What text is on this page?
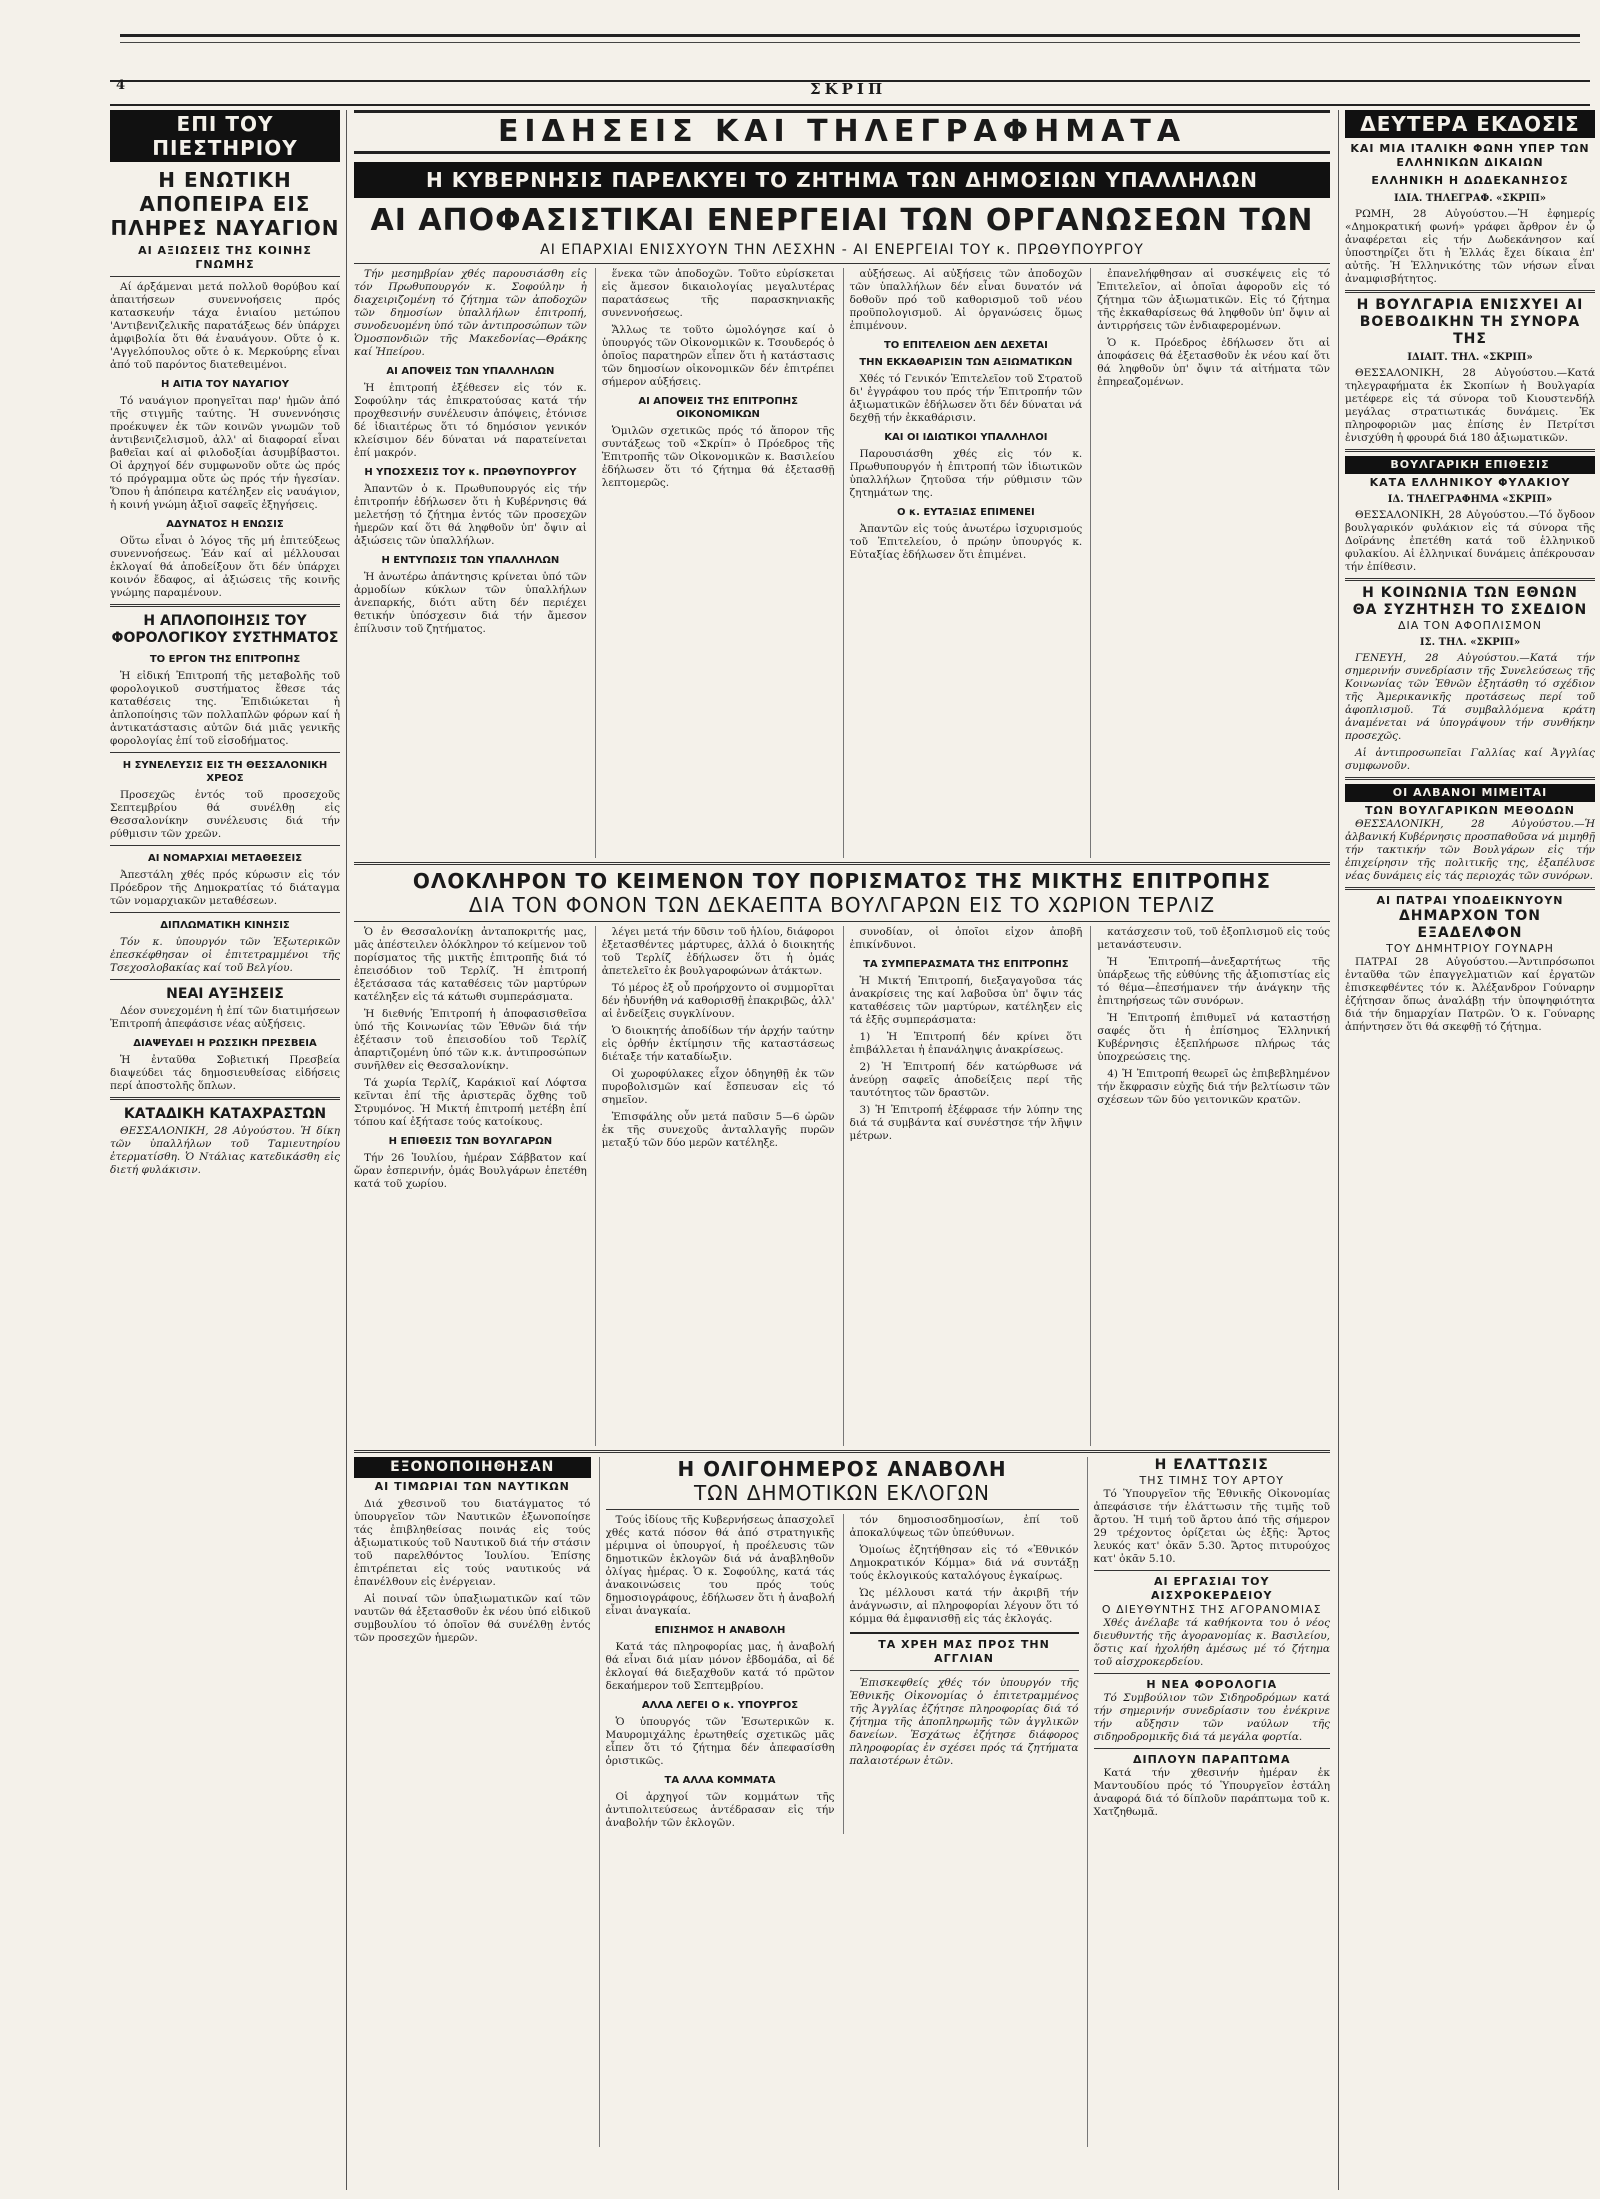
4	ΣΚΡΙΠ
ΕΠΙ ΤΟΥ ΠΙΕΣΤΗΡΙΟΥ
Η ΕΝΩΤΙΚΗ ΑΠΟΠΕΙΡΑ ΕΙΣ ΠΛΗΡΕΣ ΝΑΥΑΓΙΟΝ
ΑΙ ΑΞΙΩΣΕΙΣ ΤΗΣ ΚΟΙΝΗΣ ΓΝΩΜΗΣ

Αί άρξάμεναι μετά πολλοῦ θορύβου καί ἀπαιτήσεων συνεννοήσεις πρός κατασκευήν τάχα ἑνιαίου μετώπου 'Αντιβενιζελικῆς παρατάξεως δέν ὑπάρχει ἀμφιβολία ὅτι θά ἐναυάγουν. Οὔτε ὁ κ. 'Αγγελόπουλος οὔτε ὁ κ. Μερκούρης εἶναι ἀπό τοῦ παρόντος διατεθειμένοι.

Η ΑΙΤΙΑ ΤΟΥ ΝΑΥΑΓΙΟΥ

Τό ναυάγιον προηγεῖται παρ' ἡμῶν ἀπό τῆς στιγμῆς ταύτης. Ἡ συνεννόησις προέκυψεν ἐκ τῶν κοινῶν γνωμῶν τοῦ ἀντιβενιζελισμοῦ, ἀλλ' αἱ διαφοραί εἶναι βαθεῖαι καί αἱ φιλοδοξίαι ἀσυμβίβαστοι. Οἱ ἀρχηγοί δέν συμφωνοῦν οὔτε ὡς πρός τό πρόγραμμα οὔτε ὡς πρός τήν ἡγεσίαν. Ὅπου ἡ ἀπόπειρα κατέληξεν εἰς ναυάγιον, ἡ κοινή γνώμη ἀξιοῖ σαφεῖς ἐξηγήσεις.

ΑΔΥΝΑΤΟΣ Η ΕΝΩΣΙΣ

Οὕτω εἶναι ὁ λόγος τῆς μή ἐπιτεύξεως συνεννοήσεως. Ἐάν καί αἱ μέλλουσαι ἐκλογαί θά ἀποδείξουν ὅτι δέν ὑπάρχει κοινόν ἔδαφος, αἱ ἀξιώσεις τῆς κοινῆς γνώμης παραμένουν.

Η ΑΠΛΟΠΟΙΗΣΙΣ ΤΟΥ ΦΟΡΟΛΟΓΙΚΟΥ ΣΥΣΤΗΜΑΤΟΣ
ΤΟ ΕΡΓΟΝ ΤΗΣ ΕΠΙΤΡΟΠΗΣ

Ἡ εἰδική Ἐπιτροπή τῆς μεταβολῆς τοῦ φορολογικοῦ συστήματος ἔθεσε τάς καταθέσεις της. Ἐπιδιώκεται ἡ ἀπλοποίησις τῶν πολλαπλῶν φόρων καί ἡ ἀντικατάστασις αὐτῶν διά μιᾶς γενικῆς φορολογίας ἐπί τοῦ εἰσοδήματος.

Η ΣΥΝΕΛΕΥΣΙΣ ΕΙΣ ΤΗ ΘΕΣΣΑΛΟΝΙΚΗ ΧΡΕΟΣ

Προσεχῶς ἐντός τοῦ προσεχοῦς Σεπτεμβρίου θά συνέλθῃ εἰς Θεσσαλονίκην συνέλευσις διά τήν ρύθμισιν τῶν χρεῶν.

ΑΙ ΝΟΜΑΡΧΙΑΙ ΜΕΤΑΘΕΣΕΙΣ

Ἀπεστάλη χθές πρός κύρωσιν εἰς τόν Πρόεδρον τῆς Δημοκρατίας τό διάταγμα τῶν νομαρχιακῶν μεταθέσεων.

ΔΙΠΛΩΜΑΤΙΚΗ ΚΙΝΗΣΙΣ

Τόν κ. ὑπουργόν τῶν Ἐξωτερικῶν ἐπεσκέφθησαν οἱ ἐπιτετραμμένοι τῆς Τσεχοσλοβακίας καί τοῦ Βελγίου.

ΝΕΑΙ ΑΥΞΗΣΕΙΣ

Δέον συνεχομένη ἡ ἐπί τῶν διατιμήσεων Ἐπιτροπή ἀπεφάσισε νέας αὐξήσεις.

ΔΙΑΨΕΥΔΕΙ Η ΡΩΣΣΙΚΗ ΠΡΕΣΒΕΙΑ

Ἡ ἐνταῦθα Σοβιετική Πρεσβεία διαψεύδει τάς δημοσιευθείσας εἰδήσεις περί ἀποστολῆς ὅπλων.

ΚΑΤΑΔΙΚΗ ΚΑΤΑΧΡΑΣΤΩΝ

ΘΕΣΣΑΛΟΝΙΚΗ, 28 Αὐγούστου. Ἡ δίκη τῶν ὑπαλλήλων τοῦ Ταμιευτηρίου ἐτερματίσθη. Ὁ Ντάλιας κατεδικάσθη εἰς διετή φυλάκισιν.

ΕΙΔΗΣΕΙΣ ΚΑΙ ΤΗΛΕΓΡΑΦΗΜΑΤΑ
Η ΚΥΒΕΡΝΗΣΙΣ ΠΑΡΕΛΚΥΕΙ ΤΟ ΖΗΤΗΜΑ ΤΩΝ ΔΗΜΟΣΙΩΝ ΥΠΑΛΛΗΛΩΝ
ΑΙ ΑΠΟΦΑΣΙΣΤΙΚΑΙ ΕΝΕΡΓΕΙΑΙ ΤΩΝ ΟΡΓΑΝΩΣΕΩΝ ΤΩΝ
ΑΙ ΕΠΑΡΧΙΑΙ ΕΝΙΣΧΥΟΥΝ ΤΗΝ ΛΕΣΧΗΝ - ΑΙ ΕΝΕΡΓΕΙΑΙ ΤΟΥ κ. ΠΡΩΘΥΠΟΥΡΓΟΥ

Τήν μεσημβρίαν χθές παρουσιάσθη εἰς τόν Πρωθυπουργόν κ. Σοφούλην ἡ διαχειριζομένη τό ζήτημα τῶν ἀποδοχῶν τῶν δημοσίων ὑπαλλήλων ἐπιτροπή, συνοδευομένη ὑπό τῶν ἀντιπροσώπων τῶν Ὁμοσπονδιῶν τῆς Μακεδονίας—Θράκης καί Ἠπείρου.

ΑΙ ΑΠΟΨΕΙΣ ΤΩΝ ΥΠΑΛΛΗΛΩΝ

Ἡ ἐπιτροπή ἐξέθεσεν εἰς τόν κ. Σοφούλην τάς ἐπικρατούσας κατά τήν προχθεσινήν συνέλευσιν ἀπόψεις, ἐτόνισε δέ ἰδιαιτέρως ὅτι τό δημόσιον γενικόν κλείσιμον δέν δύναται νά παρατείνεται ἐπί μακρόν.

Η ΥΠΟΣΧΕΣΙΣ ΤΟΥ κ. ΠΡΩΘΥΠΟΥΡΓΟΥ

Ἀπαντῶν ὁ κ. Πρωθυπουργός εἰς τήν ἐπιτροπήν ἐδήλωσεν ὅτι ἡ Κυβέρνησις θά μελετήσῃ τό ζήτημα ἐντός τῶν προσεχῶν ἡμερῶν καί ὅτι θά ληφθοῦν ὑπ' ὄψιν αἱ ἀξιώσεις τῶν ὑπαλλήλων.

Η ΕΝΤΥΠΩΣΙΣ ΤΩΝ ΥΠΑΛΛΗΛΩΝ

Ἡ ἀνωτέρω ἀπάντησις κρίνεται ὑπό τῶν ἀρμοδίων κύκλων τῶν ὑπαλλήλων ἀνεπαρκής, διότι αὕτη δέν περιέχει θετικήν ὑπόσχεσιν διά τήν ἄμεσον ἐπίλυσιν τοῦ ζητήματος.

ἕνεκα τῶν ἀποδοχῶν. Τοῦτο εὑρίσκεται εἰς ἄμεσον δικαιολογίας μεγαλυτέρας παρατάσεως τῆς παρασκηνιακῆς συνεννοήσεως.

Ἄλλως τε τοῦτο ὡμολόγησε καί ὁ ὑπουργός τῶν Οἰκονομικῶν κ. Τσουδερός ὁ ὁποῖος παρατηρῶν εἶπεν ὅτι ἡ κατάστασις τῶν δημοσίων οἰκονομικῶν δέν ἐπιτρέπει σήμερον αὐξήσεις.

ΑΙ ΑΠΟΨΕΙΣ ΤΗΣ ΕΠΙΤΡΟΠΗΣ ΟΙΚΟΝΟΜΙΚΩΝ

Ὁμιλῶν σχετικῶς πρός τό ἄπορον τῆς συντάξεως τοῦ «Σκρίπ» ὁ Πρόεδρος τῆς Ἐπιτροπῆς τῶν Οἰκονομικῶν κ. Βασιλείου ἐδήλωσεν ὅτι τό ζήτημα θά ἐξετασθῇ λεπτομερῶς.

αὐξήσεως. Αἱ αὐξήσεις τῶν ἀποδοχῶν τῶν ὑπαλλήλων δέν εἶναι δυνατόν νά δοθοῦν πρό τοῦ καθορισμοῦ τοῦ νέου προϋπολογισμοῦ. Αἱ ὀργανώσεις ὅμως ἐπιμένουν.

ΤΟ ΕΠΙΤΕΛΕΙΟΝ ΔΕΝ ΔΕΧΕΤΑΙ
ΤΗΝ ΕΚΚΑΘΑΡΙΣΙΝ ΤΩΝ ΑΞΙΩΜΑΤΙΚΩΝ

Χθές τό Γενικόν Ἐπιτελεῖον τοῦ Στρατοῦ δι' ἐγγράφου του πρός τήν Ἐπιτροπήν τῶν ἀξιωματικῶν ἐδήλωσεν ὅτι δέν δύναται νά δεχθῇ τήν ἐκκαθάρισιν.

ΚΑΙ ΟΙ ΙΔΙΩΤΙΚΟΙ ΥΠΑΛΛΗΛΟΙ

Παρουσιάσθη χθές εἰς τόν κ. Πρωθυπουργόν ἡ ἐπιτροπή τῶν ἰδιωτικῶν ὑπαλλήλων ζητοῦσα τήν ρύθμισιν τῶν ζητημάτων της.

Ο κ. ΕΥΤΑΞΙΑΣ ΕΠΙΜΕΝΕΙ

Ἀπαντῶν εἰς τούς ἀνωτέρω ἰσχυρισμούς τοῦ Ἐπιτελείου, ὁ πρώην ὑπουργός κ. Εὐταξίας ἐδήλωσεν ὅτι ἐπιμένει.

ἐπανελήφθησαν αἱ συσκέψεις εἰς τό Ἐπιτελεῖον, αἱ ὁποῖαι ἀφοροῦν εἰς τό ζήτημα τῶν ἀξιωματικῶν. Εἰς τό ζήτημα τῆς ἐκκαθαρίσεως θά ληφθοῦν ὑπ' ὄψιν αἱ ἀντιρρήσεις τῶν ἐνδιαφερομένων.

Ὁ κ. Πρόεδρος ἐδήλωσεν ὅτι αἱ ἀποφάσεις θά ἐξετασθοῦν ἐκ νέου καί ὅτι θά ληφθοῦν ὑπ' ὄψιν τά αἰτήματα τῶν ἐπηρεαζομένων.

ΟΛΟΚΛΗΡΟΝ ΤΟ ΚΕΙΜΕΝΟΝ ΤΟΥ ΠΟΡΙΣΜΑΤΟΣ ΤΗΣ ΜΙΚΤΗΣ ΕΠΙΤΡΟΠΗΣ
ΔΙΑ ΤΟΝ ΦΟΝΟΝ ΤΩΝ ΔΕΚΑΕΠΤΑ ΒΟΥΛΓΑΡΩΝ ΕΙΣ ΤΟ ΧΩΡΙΟΝ ΤΕΡΛΙΖ

Ὁ ἐν Θεσσαλονίκῃ ἀνταποκριτής μας, μᾶς ἀπέστειλεν ὁλόκληρον τό κείμενον τοῦ πορίσματος τῆς μικτῆς ἐπιτροπῆς διά τό ἐπεισόδιον τοῦ Τερλίζ. Ἡ ἐπιτροπή ἐξετάσασα τάς καταθέσεις τῶν μαρτύρων κατέληξεν εἰς τά κάτωθι συμπεράσματα.

Ἡ διεθνής Ἐπιτροπή ἡ ἀποφασισθεῖσα ὑπό τῆς Κοινωνίας τῶν Ἐθνῶν διά τήν ἐξέτασιν τοῦ ἐπεισοδίου τοῦ Τερλίζ ἀπαρτιζομένη ὑπό τῶν κ.κ. ἀντιπροσώπων συνῆλθεν εἰς Θεσσαλονίκην.

Τά χωρία Τερλίζ, Καράκιοϊ καί Λόφτσα κεῖνται ἐπί τῆς ἀριστερᾶς ὄχθης τοῦ Στρυμόνος. Ἡ Μικτή ἐπιτροπή μετέβη ἐπί τόπου καί ἐξήτασε τούς κατοίκους.

Η ΕΠΙΘΕΣΙΣ ΤΩΝ ΒΟΥΛΓΑΡΩΝ

Τήν 26 Ἰουλίου, ἡμέραν Σάββατον καί ὥραν ἑσπερινήν, ὁμάς Βουλγάρων ἐπετέθη κατά τοῦ χωρίου.

λέγει μετά τήν δῦσιν τοῦ ἡλίου, διάφοροι ἐξετασθέντες μάρτυρες, ἀλλά ὁ διοικητής τοῦ Τερλίζ ἐδήλωσεν ὅτι ἡ ὁμάς ἀπετελεῖτο ἐκ βουλγαροφώνων ἀτάκτων.

Τό μέρος ἐξ οὗ προήρχοντο οἱ συμμορῖται δέν ἠδυνήθη νά καθορισθῇ ἐπακριβῶς, ἀλλ' αἱ ἐνδείξεις συγκλίνουν.

Ὁ διοικητής ἀποδίδων τήν ἀρχήν ταύτην εἰς ὀρθήν ἐκτίμησιν τῆς καταστάσεως διέταξε τήν καταδίωξιν.

Οἱ χωροφύλακες εἶχον ὁδηγηθῇ ἐκ τῶν πυροβολισμῶν καί ἔσπευσαν εἰς τό σημεῖον.

Ἐπισφάλης οὖν μετά παῦσιν 5—6 ὡρῶν ἐκ τῆς συνεχοῦς ἀνταλλαγῆς πυρῶν μεταξύ τῶν δύο μερῶν κατέληξε.

συνοδίαν, οἱ ὁποῖοι εἶχον ἀποβῆ ἐπικίνδυνοι.

ΤΑ ΣΥΜΠΕΡΑΣΜΑΤΑ ΤΗΣ ΕΠΙΤΡΟΠΗΣ

Ἡ Μικτή Ἐπιτροπή, διεξαγαγοῦσα τάς ἀνακρίσεις της καί λαβοῦσα ὑπ' ὄψιν τάς καταθέσεις τῶν μαρτύρων, κατέληξεν εἰς τά ἑξῆς συμπεράσματα:

1) Ἡ Ἐπιτροπή δέν κρίνει ὅτι ἐπιβάλλεται ἡ ἐπανάληψις ἀνακρίσεως.

2) Ἡ Ἐπιτροπή δέν κατώρθωσε νά ἀνεύρῃ σαφεῖς ἀποδείξεις περί τῆς ταυτότητος τῶν δραστῶν.

3) Ἡ Ἐπιτροπή ἐξέφρασε τήν λύπην της διά τά συμβάντα καί συνέστησε τήν λῆψιν μέτρων.

κατάσχεσιν τοῦ, τοῦ ἐξοπλισμοῦ εἰς τούς μετανάστευσιν.

Ἡ Ἐπιτροπή—ἀνεξαρτήτως τῆς ὑπάρξεως τῆς εὐθύνης τῆς ἀξιοπιστίας εἰς τό θέμα—ἐπεσήμανεν τήν ἀνάγκην τῆς ἐπιτηρήσεως τῶν συνόρων.

Ἡ Ἐπιτροπή ἐπιθυμεῖ νά καταστήσῃ σαφές ὅτι ἡ ἐπίσημος Ἑλληνική Κυβέρνησις ἐξεπλήρωσε πλήρως τάς ὑποχρεώσεις της.

4) Ἡ Ἐπιτροπή θεωρεῖ ὡς ἐπιβεβλημένον τήν ἔκφρασιν εὐχῆς διά τήν βελτίωσιν τῶν σχέσεων τῶν δύο γειτονικῶν κρατῶν.

ΕΞΟΝΟΠΟΙΗΘΗΣΑΝ
ΑΙ ΤΙΜΩΡΙΑΙ ΤΩΝ ΝΑΥΤΙΚΩΝ

Διά χθεσινοῦ του διατάγματος τό ὑπουργεῖον τῶν Ναυτικῶν ἐξωνοποίησε τάς ἐπιβληθείσας ποινάς εἰς τούς ἀξιωματικούς τοῦ Ναυτικοῦ διά τήν στάσιν τοῦ παρελθόντος Ἰουλίου. Ἐπίσης ἐπιτρέπεται εἰς τούς ναυτικούς νά ἐπανέλθουν εἰς ἐνέργειαν.

Αἱ ποιναί τῶν ὑπαξιωματικῶν καί τῶν ναυτῶν θά ἐξετασθοῦν ἐκ νέου ὑπό εἰδικοῦ συμβουλίου τό ὁποῖον θά συνέλθῃ ἐντός τῶν προσεχῶν ἡμερῶν.

Η ΟΛΙΓΟΗΜΕΡΟΣ ΑΝΑΒΟΛΗ
ΤΩΝ ΔΗΜΟΤΙΚΩΝ ΕΚΛΟΓΩΝ

Τούς ἰδίους τῆς Κυβερνήσεως ἀπασχολεῖ χθές κατά πόσον θά ἀπό στρατηγικῆς μέριμνα οἱ ὑπουργοί, ἡ προέλευσις τῶν δημοτικῶν ἐκλογῶν διά νά ἀναβληθοῦν ὀλίγας ἡμέρας. Ὁ κ. Σοφούλης, κατά τάς ἀνακοινώσεις του πρός τούς δημοσιογράφους, ἐδήλωσεν ὅτι ἡ ἀναβολή εἶναι ἀναγκαία.

ΕΠΙΣΗΜΟΣ Η ΑΝΑΒΟΛΗ

Κατά τάς πληροφορίας μας, ἡ ἀναβολή θά εἶναι διά μίαν μόνον ἑβδομάδα, αἱ δέ ἐκλογαί θά διεξαχθοῦν κατά τό πρῶτον δεκαήμερον τοῦ Σεπτεμβρίου.

ΑΛΛΑ ΛΕΓΕΙ Ο κ. ΥΠΟΥΡΓΟΣ

Ὁ ὑπουργός τῶν Ἐσωτερικῶν κ. Μαυρομιχάλης ἐρωτηθείς σχετικῶς μᾶς εἶπεν ὅτι τό ζήτημα δέν ἀπεφασίσθη ὁριστικῶς.

ΤΑ ΑΛΛΑ ΚΟΜΜΑΤΑ

Οἱ ἀρχηγοί τῶν κομμάτων τῆς ἀντιπολιτεύσεως ἀντέδρασαν εἰς τήν ἀναβολήν τῶν ἐκλογῶν.

τόν δημοσιοσδημοσίων, ἐπί τοῦ ἀποκαλύψεως τῶν ὑπεύθυνων.

Ὁμοίως ἐζητήθησαν εἰς τό «Ἐθνικόν Δημοκρατικόν Κόμμα» διά νά συντάξῃ τούς ἐκλογικούς καταλόγους ἐγκαίρως.

Ὡς μέλλουσι κατά τήν ἀκριβῆ τήν ἀνάγνωσιν, αἱ πληροφορίαι λέγουν ὅτι τό κόμμα θά ἐμφανισθῇ εἰς τάς ἐκλογάς.

ΤΑ ΧΡΕΗ ΜΑΣ ΠΡΟΣ ΤΗΝ ΑΓΓΛΙΑΝ

Ἐπισκεφθείς χθές τόν ὑπουργόν τῆς Ἐθνικῆς Οἰκονομίας ὁ ἐπιτετραμμένος τῆς Ἀγγλίας ἐζήτησε πληροφορίας διά τό ζήτημα τῆς ἀποπληρωμῆς τῶν ἀγγλικῶν δανείων. Ἐσχάτως ἐζήτησε διάφορος πληροφορίας ἐν σχέσει πρός τά ζητήματα παλαιοτέρων ἐτῶν.

Η ΕΛΑΤΤΩΣΙΣ
ΤΗΣ ΤΙΜΗΣ ΤΟΥ ΑΡΤΟΥ

Τό Ὑπουργεῖον τῆς Ἐθνικῆς Οἰκονομίας ἀπεφάσισε τήν ἐλάττωσιν τῆς τιμῆς τοῦ ἄρτου. Ἡ τιμή τοῦ ἄρτου ἀπό τῆς σήμερον 29 τρέχοντος ὁρίζεται ὡς ἑξῆς: Ἄρτος λευκός κατ' ὀκᾶν 5.30. Ἄρτος πιτυρούχος κατ' ὀκᾶν 5.10.

ΑΙ ΕΡΓΑΣΙΑΙ ΤΟΥ ΑΙΣΧΡΟΚΕΡΔΕΙΟΥ
Ο ΔΙΕΥΘΥΝΤΗΣ ΤΗΣ ΑΓΟΡΑΝΟΜΙΑΣ

Χθές ἀνέλαβε τά καθήκοντα του ὁ νέος διευθυντής τῆς ἀγορανομίας κ. Βασιλείου, ὅστις καί ἠχολήθη ἀμέσως μέ τό ζήτημα τοῦ αἰσχροκερδείου.

Η ΝΕΑ ΦΟΡΟΛΟΓΙΑ

Τό Συμβούλιον τῶν Σιδηροδρόμων κατά τήν σημερινήν συνεδρίασιν του ἐνέκρινε τήν αὔξησιν τῶν ναύλων τῆς σιδηροδρομικῆς διά τά μεγάλα φορτία.

ΔΙΠΛΟΥΝ ΠΑΡΑΠΤΩΜΑ

Κατά τήν χθεσινήν ἡμέραν ἐκ Μαντουδίου πρός τό Ὑπουργεῖον ἐστάλη ἀναφορά διά τό δίπλοῦν παράπτωμα τοῦ κ. Χατζηθωμᾶ.

ΔΕΥΤΕΡΑ ΕΚΔΟΣΙΣ
ΚΑΙ ΜΙΑ ΙΤΑΛΙΚΗ ΦΩΝΗ ΥΠΕΡ ΤΩΝ ΕΛΛΗΝΙΚΩΝ ΔΙΚΑΙΩΝ
ΕΛΛΗΝΙΚΗ Η ΔΩΔΕΚΑΝΗΣΟΣ
ΙΔΙΑ. ΤΗΛΕΓΡΑΦ. «ΣΚΡΙΠ»

ΡΩΜΗ, 28 Αὐγούστου.—Ἡ ἐφημερίς «Δημοκρατική φωνή» γράφει ἄρθρον ἐν ᾧ ἀναφέρεται εἰς τήν Δωδεκάνησον καί ὑποστηρίζει ὅτι ἡ Ἑλλάς ἔχει δίκαια ἐπ' αὐτῆς. Ἡ Ἑλληνικότης τῶν νήσων εἶναι ἀναμφισβήτητος.

Η ΒΟΥΛΓΑΡΙΑ ΕΝΙΣΧΥΕΙ ΑΙ ΒΟΕΒΟΔΙΚΗΝ ΤΗ ΣΥΝΟΡΑ ΤΗΣ
ΙΔΙΑΙΤ. ΤΗΛ. «ΣΚΡΙΠ»

ΘΕΣΣΑΛΟΝΙΚΗ, 28 Αὐγούστου.—Κατά τηλεγραφήματα ἐκ Σκοπίων ἡ Βουλγαρία μετέφερε εἰς τά σύνορα τοῦ Κιουστενδήλ μεγάλας στρατιωτικάς δυνάμεις. Ἐκ πληροφοριῶν μας ἐπίσης ἐν Πετρίτσι ἐνισχύθη ἡ φρουρά διά 180 ἀξιωματικῶν.

ΒΟΥΛΓΑΡΙΚΗ ΕΠΙΘΕΣΙΣ
ΚΑΤΑ ΕΛΛΗΝΙΚΟΥ ΦΥΛΑΚΙΟΥ
ΙΔ. ΤΗΛΕΓΡΑΦΗΜΑ «ΣΚΡΙΠ»

ΘΕΣΣΑΛΟΝΙΚΗ, 28 Αὐγούστου.—Τό ὄγδοον βουλγαρικόν φυλάκιον εἰς τά σύνορα τῆς Δοϊράνης ἐπετέθη κατά τοῦ ἑλληνικοῦ φυλακίου. Αἱ ἑλληνικαί δυνάμεις ἀπέκρουσαν τήν ἐπίθεσιν.

Η ΚΟΙΝΩΝΙΑ ΤΩΝ ΕΘΝΩΝ
ΘΑ ΣΥΖΗΤΗΣΗ ΤΟ ΣΧΕΔΙΟΝ
ΔΙΑ ΤΟΝ ΑΦΟΠΛΙΣΜΟΝ
ΙΣ. ΤΗΛ. «ΣΚΡΙΠ»

ΓΕΝΕΥΗ, 28 Αὐγούστου.—Κατά τήν σημερινήν συνεδρίασιν τῆς Συνελεύσεως τῆς Κοινωνίας τῶν Ἐθνῶν ἐξητάσθη τό σχέδιον τῆς Ἀμερικανικῆς προτάσεως περί τοῦ ἀφοπλισμοῦ. Τά συμβαλλόμενα κράτη ἀναμένεται νά ὑπογράψουν τήν συνθήκην προσεχῶς.

Αἱ ἀντιπροσωπεῖαι Γαλλίας καί Ἀγγλίας συμφωνοῦν.

ΟΙ ΑΛΒΑΝΟΙ ΜΙΜΕΙΤΑΙ
ΤΩΝ ΒΟΥΛΓΑΡΙΚΩΝ ΜΕΘΟΔΩΝ

ΘΕΣΣΑΛΟΝΙΚΗ, 28 Αὐγούστου.—Ἡ ἀλβανική Κυβέρνησις προσπαθοῦσα νά μιμηθῇ τήν τακτικήν τῶν Βουλγάρων εἰς τήν ἐπιχείρησιν τῆς πολιτικῆς της, ἐξαπέλυσε νέας δυνάμεις εἰς τάς περιοχάς τῶν συνόρων.

ΑΙ ΠΑΤΡΑΙ ΥΠΟΔΕΙΚΝΥΟΥΝ
ΔΗΜΑΡΧΟΝ ΤΟΝ ΕΞΑΔΕΛΦΟΝ
ΤΟΥ ΔΗΜΗΤΡΙΟΥ ΓΟΥΝΑΡΗ

ΠΑΤΡΑΙ 28 Αὐγούστου.—Ἀντιπρόσωποι ἐνταῦθα τῶν ἐπαγγελματιῶν καί ἐργατῶν ἐπισκεφθέντες τόν κ. Ἀλέξανδρον Γούναρην ἐζήτησαν ὅπως ἀναλάβῃ τήν ὑποψηφιότητα διά τήν δημαρχίαν Πατρῶν. Ὁ κ. Γούναρης ἀπήντησεν ὅτι θά σκεφθῇ τό ζήτημα.
